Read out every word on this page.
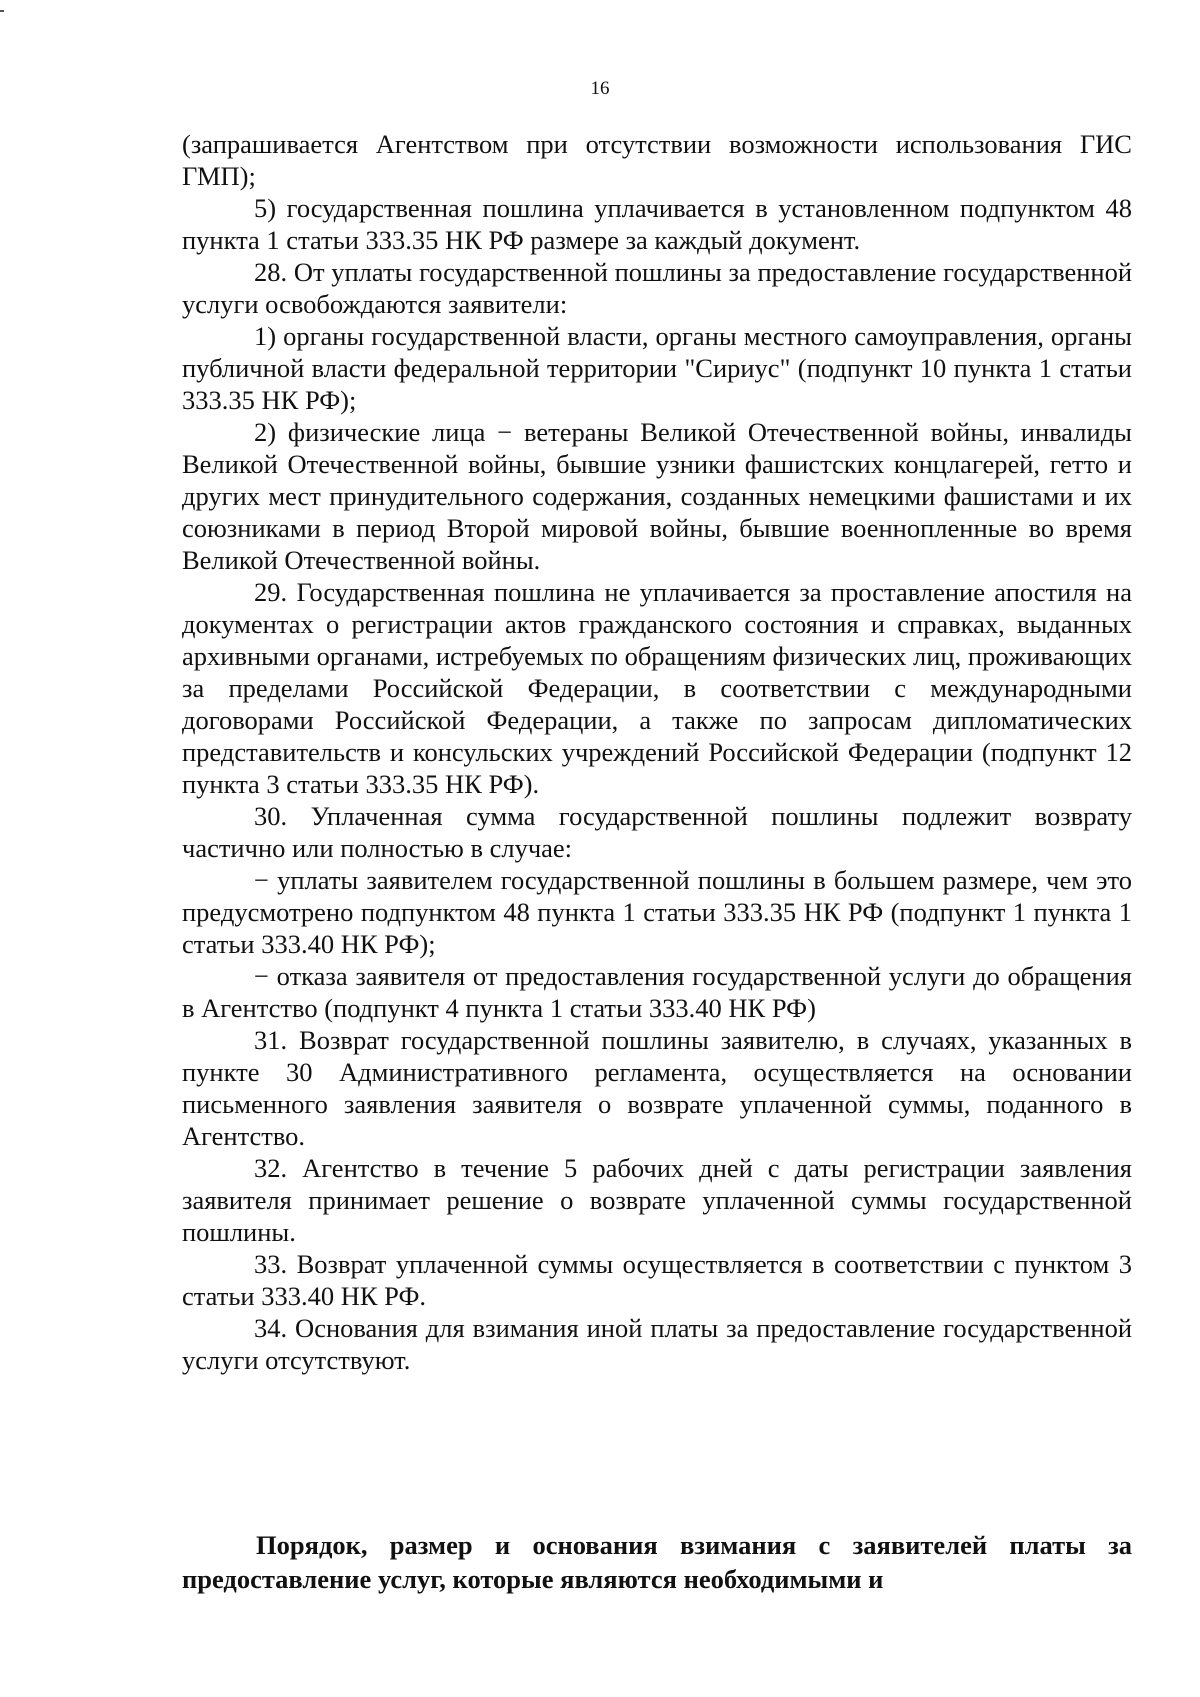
16

(запрашивается Агентством при отсутствии возможности использования ГИС ГМП);

5) государственная пошлина уплачивается в установленном подпунктом 48 пункта 1 статьи 333.35 НК РФ размере за каждый документ.

28. От уплаты государственной пошлины за предоставление государственной услуги освобождаются заявители:

1) органы государственной власти, органы местного самоуправления, органы публичной власти федеральной территории "Сириус" (подпункт 10 пункта 1 статьи 333.35 НК РФ);

2) физические лица − ветераны Великой Отечественной войны, инвалиды Великой Отечественной войны, бывшие узники фашистских концлагерей, гетто и других мест принудительного содержания, созданных немецкими фашистами и их союзниками в период Второй мировой войны, бывшие военнопленные во время Великой Отечественной войны.

29. Государственная пошлина не уплачивается за проставление апостиля на документах о регистрации актов гражданского состояния и справках, выданных архивными органами, истребуемых по обращениям физических лиц, проживающих за пределами Российской Федерации, в соответствии с международными договорами Российской Федерации, а также по запросам дипломатических представительств и консульских учреждений Российской Федерации (подпункт 12 пункта 3 статьи 333.35 НК РФ).

30. Уплаченная сумма государственной пошлины подлежит возврату частично или полностью в случае:

− уплаты заявителем государственной пошлины в большем размере, чем это предусмотрено подпунктом 48 пункта 1 статьи 333.35 НК РФ (подпункт 1 пункта 1 статьи 333.40 НК РФ);

− отказа заявителя от предоставления государственной услуги до обращения в Агентство (подпункт 4 пункта 1 статьи 333.40 НК РФ)

31. Возврат государственной пошлины заявителю, в случаях, указанных в пункте 30 Административного регламента, осуществляется на основании письменного заявления заявителя о возврате уплаченной суммы, поданного в Агентство.

32. Агентство в течение 5 рабочих дней с даты регистрации заявления заявителя принимает решение о возврате уплаченной суммы государственной пошлины.

33. Возврат уплаченной суммы осуществляется в соответствии с пунктом 3 статьи 333.40 НК РФ.

34. Основания для взимания иной платы за предоставление государственной услуги отсутствуют.

Порядок, размер и основания взимания с заявителей платы за предоставление услуг, которые являются необходимыми и
